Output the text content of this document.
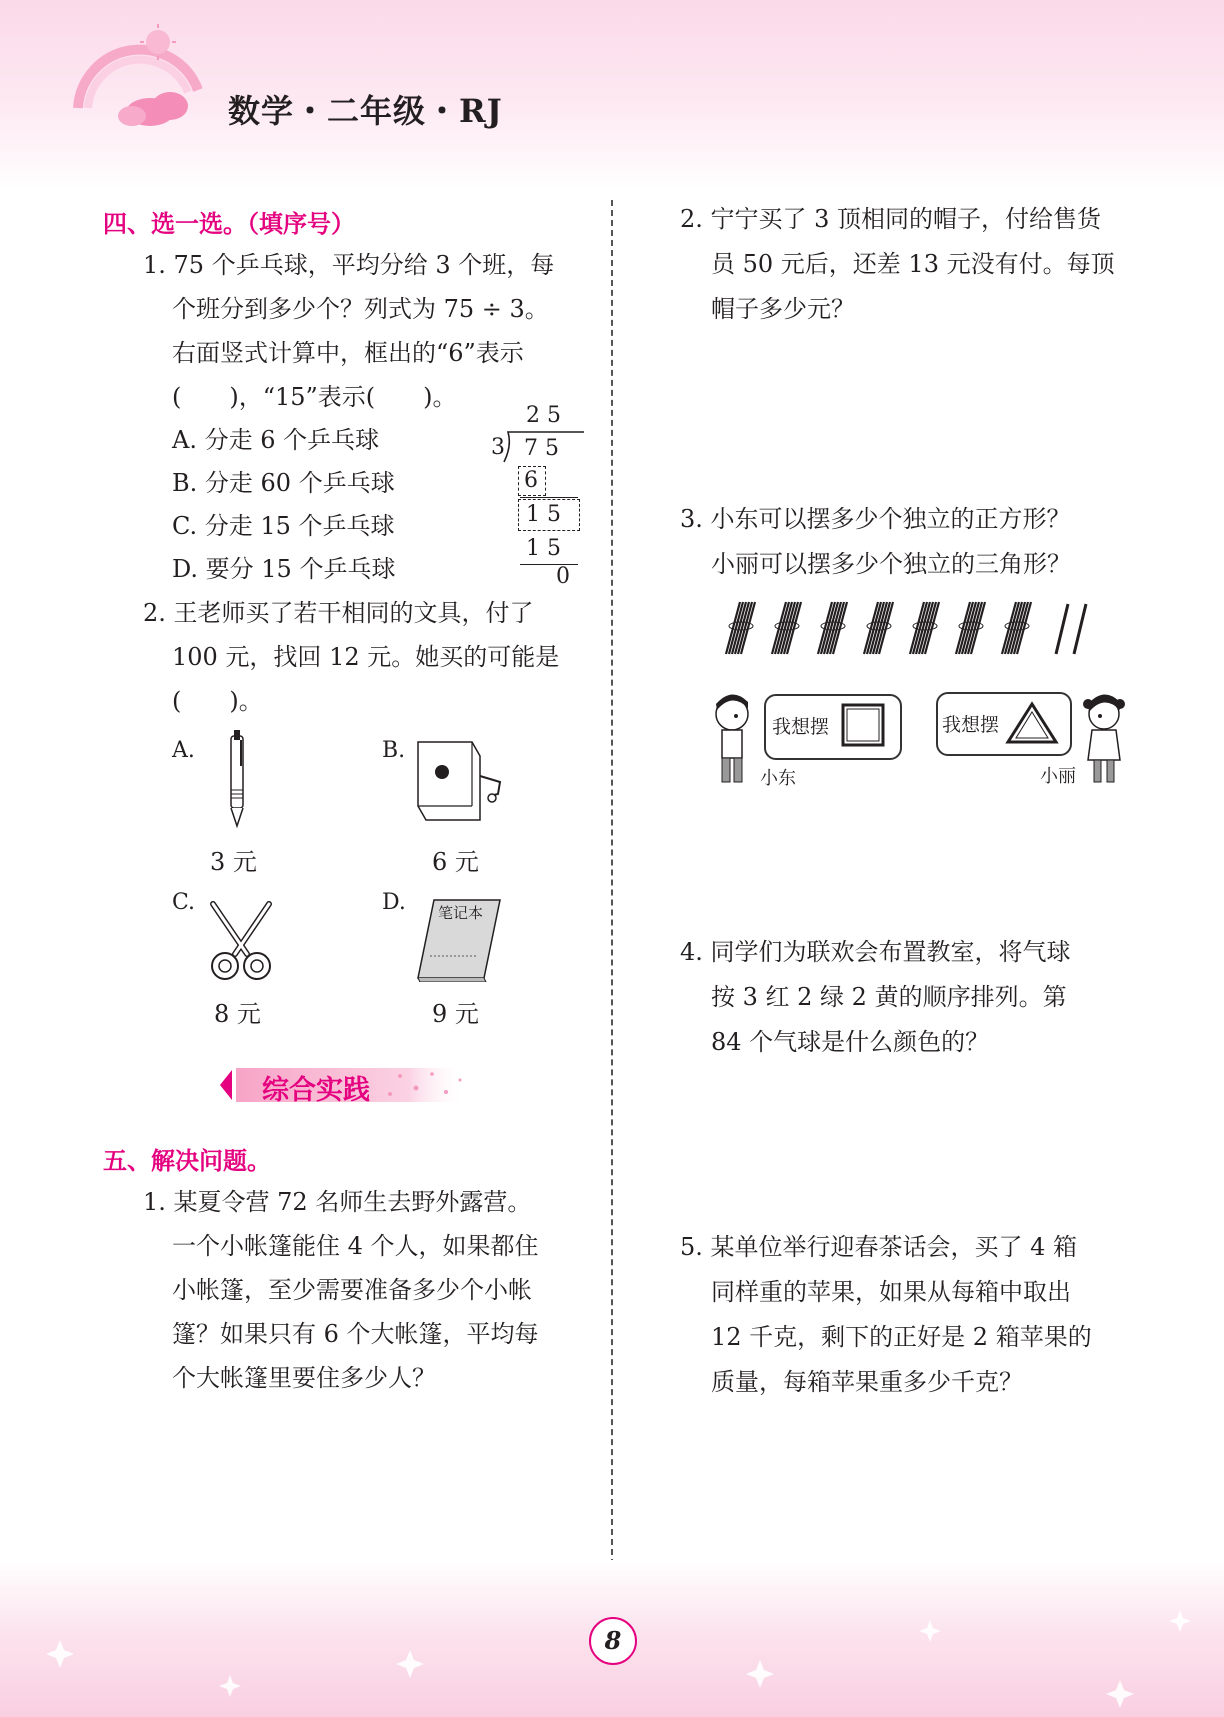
数学・二年级・RJ
四、选一选。（填序号）
1. 75 个乒乓球，平均分给 3 个班，每
个班分到多少个？列式为 75 ÷ 3。
右面竖式计算中，框出的“6”表示
(　　)，“15”表示(　　)。
A. 分走 6 个乒乓球
B. 分走 60 个乒乓球
C. 分走 15 个乒乓球
D. 要分 15 个乒乓球
2 5
3 7 5
6
1 5
1 5
0
2. 王老师买了若干相同的文具，付了
100 元，找回 12 元。她买的可能是
(　　)。
A.
3 元
B.
6 元
C.
8 元
D. 笔记本
9 元
综合实践
五、解决问题。
1. 某夏令营 72 名师生去野外露营。
一个小帐篷能住 4 个人，如果都住
小帐篷，至少需要准备多少个小帐
篷？如果只有 6 个大帐篷，平均每
个大帐篷里要住多少人？
2. 宁宁买了 3 顶相同的帽子，付给售货
员 50 元后，还差 13 元没有付。每顶
帽子多少元？
3. 小东可以摆多少个独立的正方形？
小丽可以摆多少个独立的三角形？
我想摆
小东
我想摆
小丽
4. 同学们为联欢会布置教室，将气球
按 3 红 2 绿 2 黄的顺序排列。第
84 个气球是什么颜色的？
5. 某单位举行迎春茶话会，买了 4 箱
同样重的苹果，如果从每箱中取出
12 千克，剩下的正好是 2 箱苹果的
质量，每箱苹果重多少千克？
8
